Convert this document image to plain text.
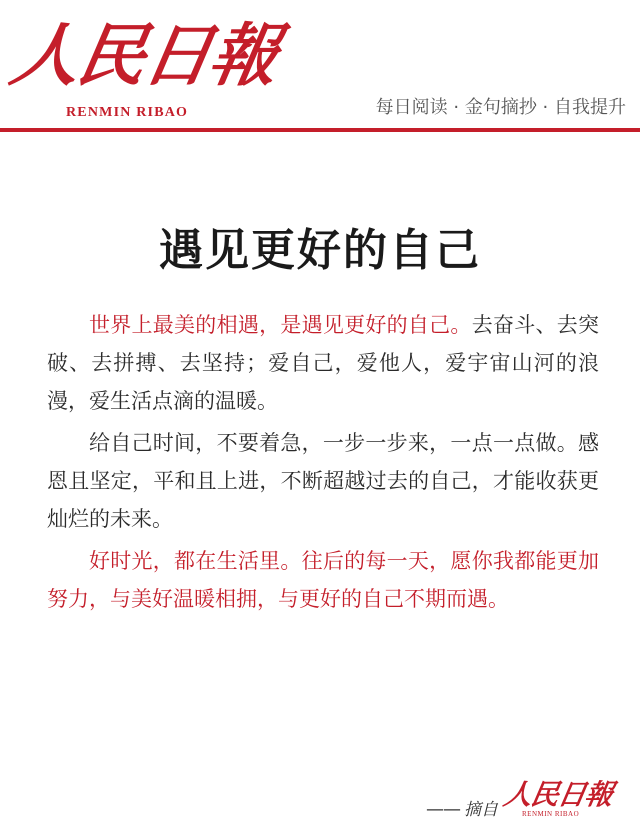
人民日報
RENMIN RIBAO	每日阅读 · 金句摘抄 · 自我提升
遇见更好的自己

世界上最美的相遇，是遇见更好的自己。去奋斗、去突破、去拼搏、去坚持；爱自己，爱他人，爱宇宙山河的浪漫，爱生活点滴的温暖。

给自己时间，不要着急，一步一步来，一点一点做。感恩且坚定，平和且上进，不断超越过去的自己，才能收获更灿烂的未来。

好时光，都在生活里。往后的每一天，愿你我都能更加努力，与美好温暖相拥，与更好的自己不期而遇。

—— 摘自 人民日報
RENMIN RIBAO
